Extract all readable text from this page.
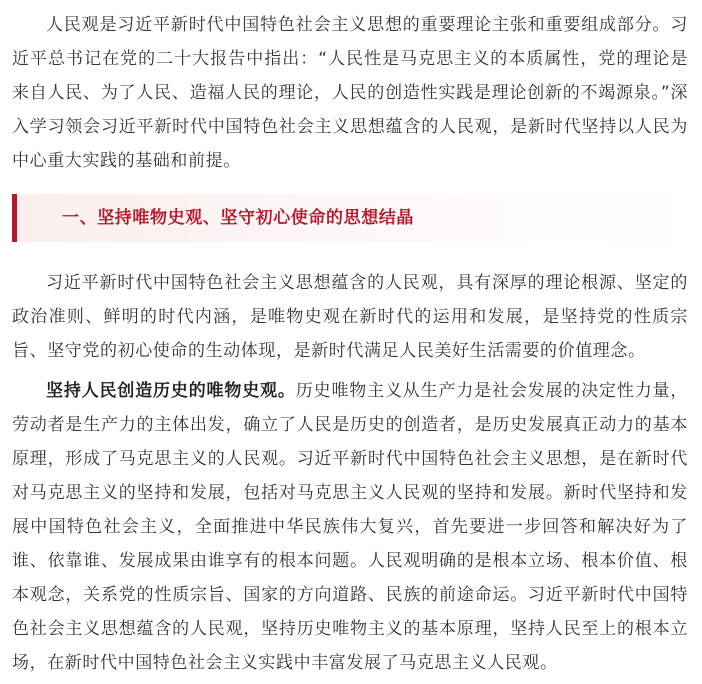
人民观是习近平新时代中国特色社会主义思想的重要理论主张和重要组成部分。习近平总书记在党的二十大报告中指出：“人民性是马克思主义的本质属性，党的理论是来自人民、为了人民、造福人民的理论，人民的创造性实践是理论创新的不竭源泉。”深入学习领会习近平新时代中国特色社会主义思想蕴含的人民观，是新时代坚持以人民为中心重大实践的基础和前提。

一、坚持唯物史观、坚守初心使命的思想结晶

习近平新时代中国特色社会主义思想蕴含的人民观，具有深厚的理论根源、坚定的政治准则、鲜明的时代内涵，是唯物史观在新时代的运用和发展，是坚持党的性质宗旨、坚守党的初心使命的生动体现，是新时代满足人民美好生活需要的价值理念。

坚持人民创造历史的唯物史观。历史唯物主义从生产力是社会发展的决定性力量，劳动者是生产力的主体出发，确立了人民是历史的创造者，是历史发展真正动力的基本原理，形成了马克思主义的人民观。习近平新时代中国特色社会主义思想，是在新时代对马克思主义的坚持和发展，包括对马克思主义人民观的坚持和发展。新时代坚持和发展中国特色社会主义，全面推进中华民族伟大复兴，首先要进一步回答和解决好为了谁、依靠谁、发展成果由谁享有的根本问题。人民观明确的是根本立场、根本价值、根本观念，关系党的性质宗旨、国家的方向道路、民族的前途命运。习近平新时代中国特色社会主义思想蕴含的人民观，坚持历史唯物主义的基本原理，坚持人民至上的根本立场，在新时代中国特色社会主义实践中丰富发展了马克思主义人民观。
